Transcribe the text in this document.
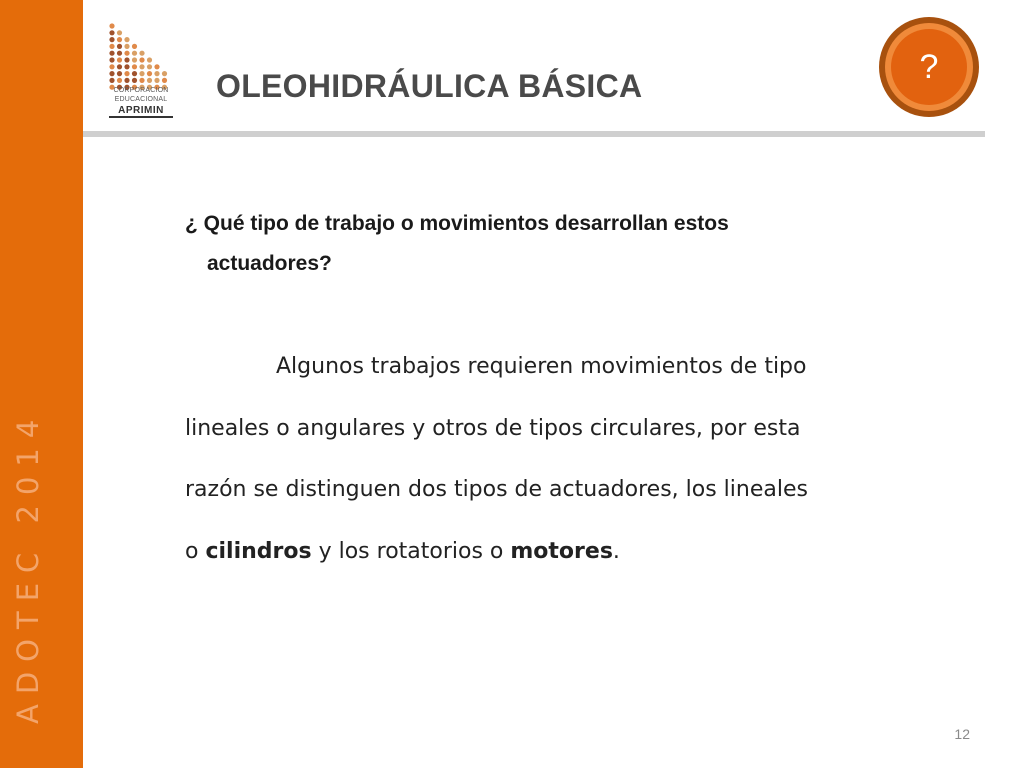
ADOTEC 2014
CORPORACION
EDUCACIONAL
APRIMIN
OLEOHIDRÁULICA BÁSICA	?
¿ Qué tipo de trabajo o movimientos desarrollan estos
actuadores?
Algunos trabajos requieren movimientos de tipo
lineales o angulares y otros de tipos circulares, por esta
razón se distinguen dos tipos de actuadores, los lineales
o cilindros y los rotatorios o motores.
12
